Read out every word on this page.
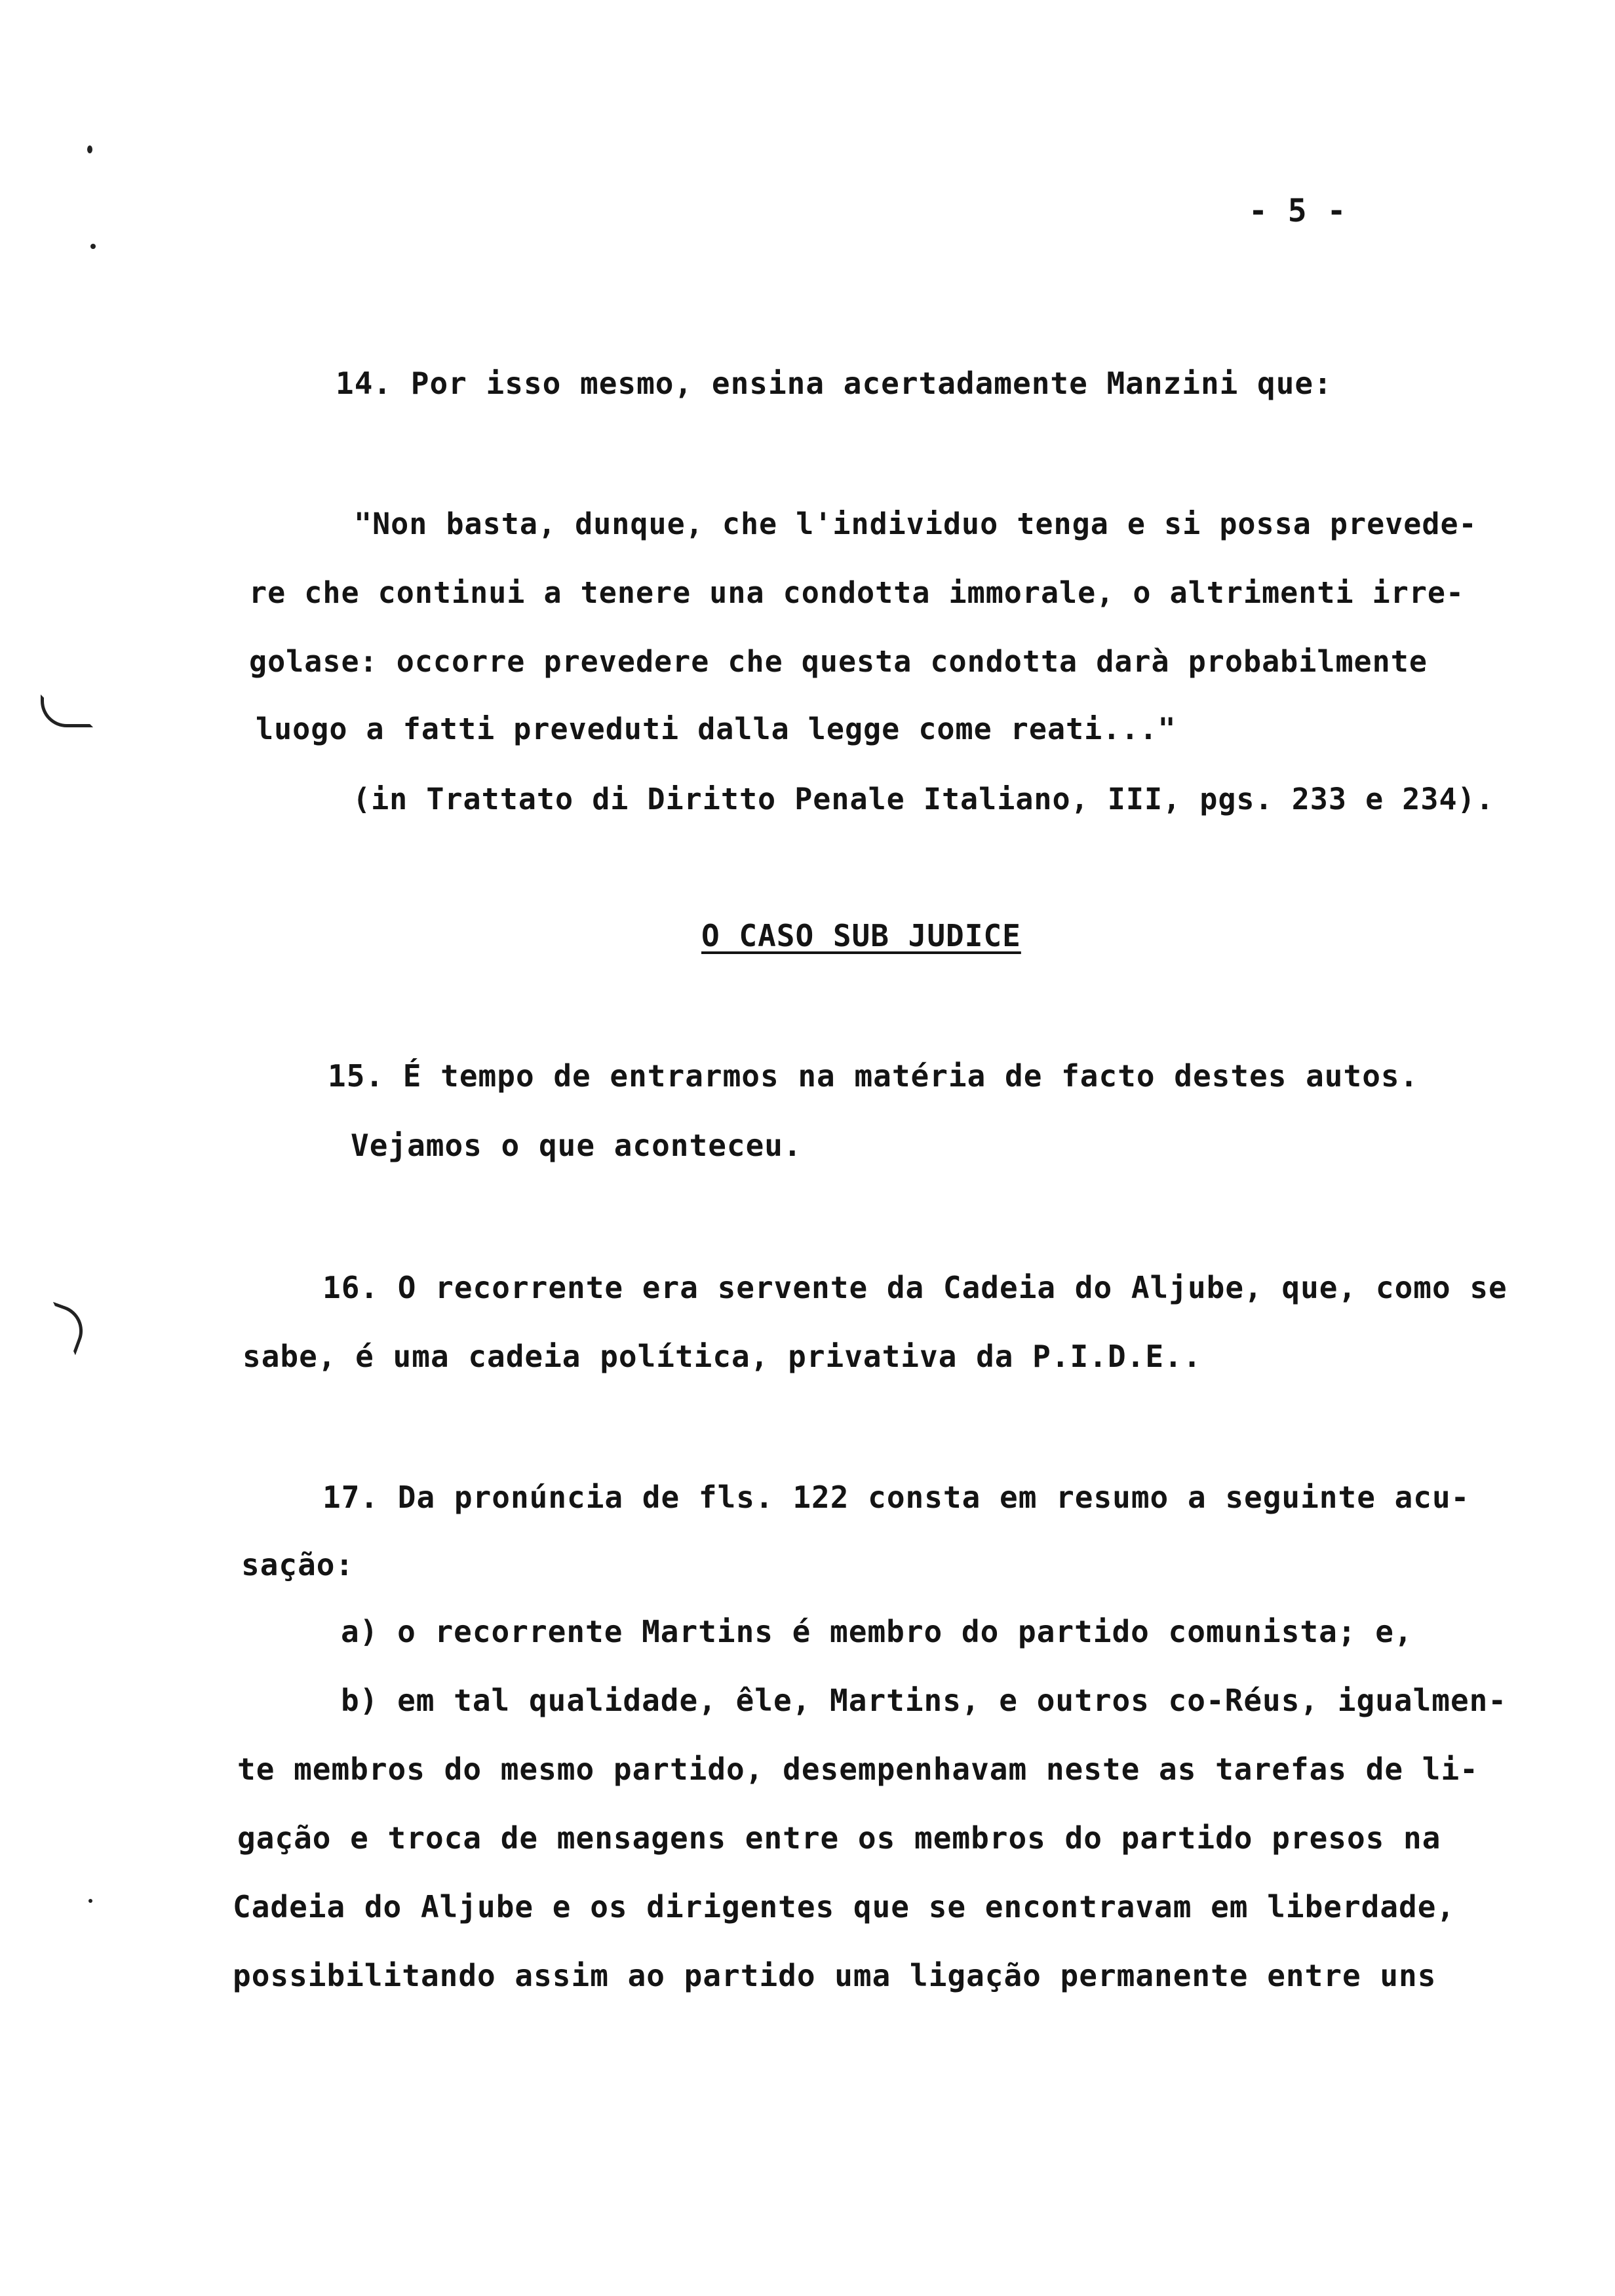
- 5 -
14. Por isso mesmo, ensina acertadamente Manzini que:
"Non basta, dunque, che l'individuo tenga e si possa prevede-
re che continui a tenere una condotta immorale, o altrimenti irre-
golase: occorre prevedere che questa condotta darà probabilmente
luogo a fatti preveduti dalla legge come reati..."
(in Trattato di Diritto Penale Italiano, III, pgs. 233 e 234).
O CASO SUB JUDICE
15. É tempo de entrarmos na matéria de facto destes autos.
Vejamos o que aconteceu.
16. O recorrente era servente da Cadeia do Aljube, que, como se
sabe, é uma cadeia política, privativa da P.I.D.E..
17. Da pronúncia de fls. 122 consta em resumo a seguinte acu-
sação:
a) o recorrente Martins é membro do partido comunista; e,
b) em tal qualidade, êle, Martins, e outros co-Réus, igualmen-
te membros do mesmo partido, desempenhavam neste as tarefas de li-
gação e troca de mensagens entre os membros do partido presos na
Cadeia do Aljube e os dirigentes que se encontravam em liberdade,
possibilitando assim ao partido uma ligação permanente entre uns
